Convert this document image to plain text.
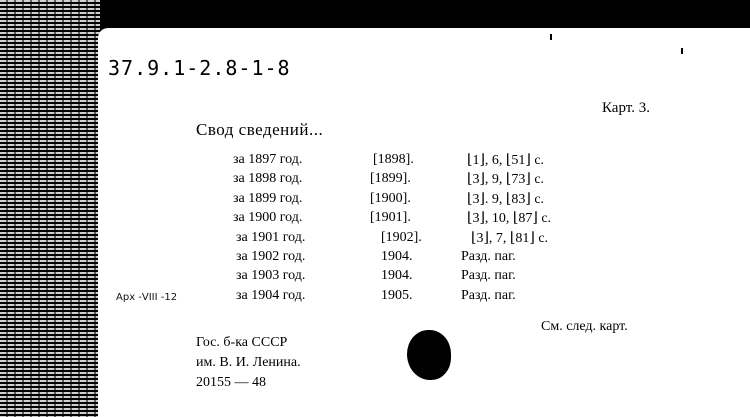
37.9.1-2.8-1-8
Карт. 3.
Свод сведений...
за 1897 год.	[1898].	⌊1⌋, 6, ⌊51⌋ с.
за 1898 год.	[1899].	⌊3⌋, 9, ⌊73⌋ с.
за 1899 год.	[1900].	⌊3⌋. 9, ⌊83⌋ с.
за 1900 год.	[1901].	⌊3⌋, 10, ⌊87⌋ с.
за 1901 год.	[1902].	⌊3⌋, 7, ⌊81⌋ с.
за 1902 год.	1904.	Разд. паг.
за 1903 год.	1904.	Разд. паг.
за 1904 год.	1905.	Разд. паг.
Арх -VIII -12
См. след. карт.
Гос. б-ка СССР
им. В. И. Ленина.
20155 — 48
